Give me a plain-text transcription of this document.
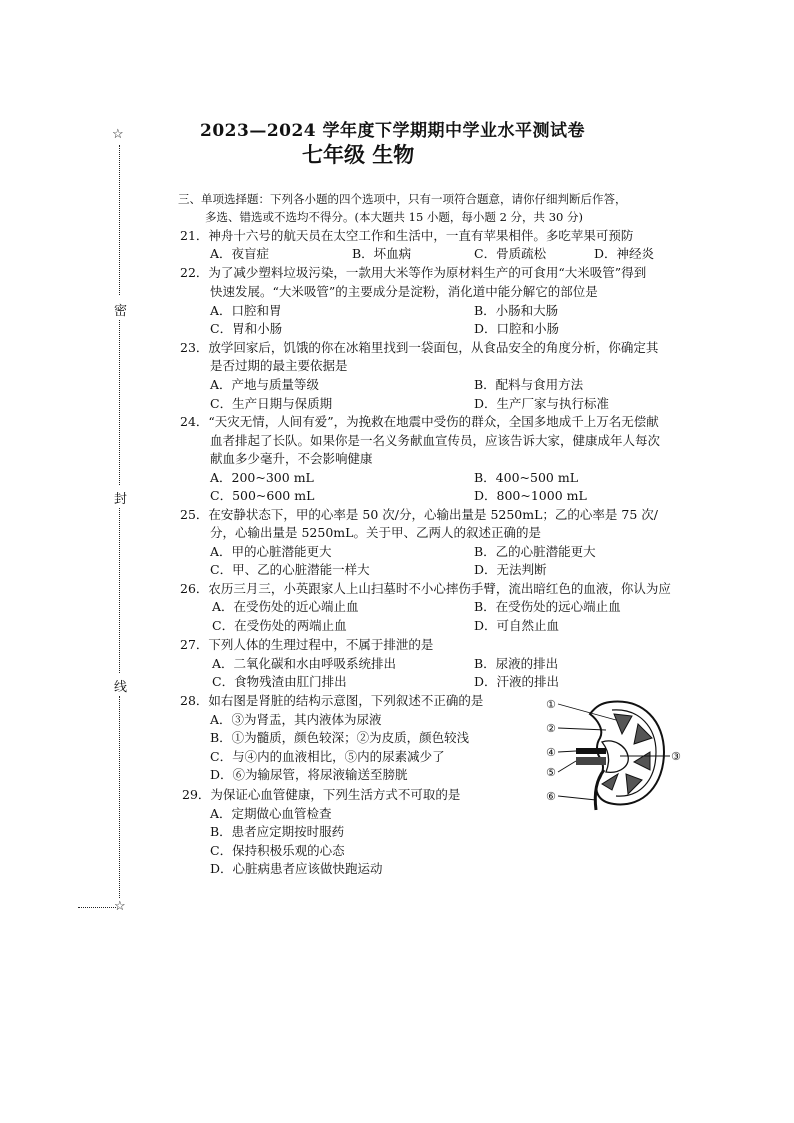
2023—2024 学年度下学期期中学业水平测试卷
七年级 生物
☆
密
封
线
☆
三、单项选择题：下列各小题的四个选项中，只有一项符合题意，请你仔细判断后作答，
多选、错选或不选均不得分。(本大题共 15 小题，每小题 2 分，共 30 分)
21．神舟十六号的航天员在太空工作和生活中，一直有苹果相伴。多吃苹果可预防
A．夜盲症	B．坏血病	C．骨质疏松	D．神经炎
22．为了减少塑料垃圾污染，一款用大米等作为原材料生产的可食用“大米吸管”得到
快速发展。“大米吸管”的主要成分是淀粉，消化道中能分解它的部位是
A．口腔和胃	B．小肠和大肠
C．胃和小肠	D．口腔和小肠
23．放学回家后，饥饿的你在冰箱里找到一袋面包，从食品安全的角度分析，你确定其
是否过期的最主要依据是
A．产地与质量等级	B．配料与食用方法
C．生产日期与保质期	D．生产厂家与执行标准
24．“天灾无情，人间有爱”，为挽救在地震中受伤的群众，全国多地成千上万名无偿献
血者排起了长队。如果你是一名义务献血宣传员，应该告诉大家，健康成年人每次
献血多少毫升，不会影响健康
A．200~300 mL	B．400~500 mL
C．500~600 mL	D．800~1000 mL
25．在安静状态下，甲的心率是 50 次/分，心输出量是 5250mL；乙的心率是 75 次/
分，心输出量是 5250mL。关于甲、乙两人的叙述正确的是
A．甲的心脏潜能更大	B．乙的心脏潜能更大
C．甲、乙的心脏潜能一样大	D．无法判断
26．农历三月三，小英跟家人上山扫墓时不小心摔伤手臂，流出暗红色的血液，你认为应
A．在受伤处的近心端止血	B．在受伤处的远心端止血
C．在受伤处的两端止血	D．可自然止血
27．下列人体的生理过程中，不属于排泄的是
A．二氧化碳和水由呼吸系统排出	B．尿液的排出
C．食物残渣由肛门排出	D．汗液的排出
28．如右图是肾脏的结构示意图，下列叙述不正确的是
A．③为肾盂，其内液体为尿液
B．①为髓质，颜色较深；②为皮质，颜色较浅
C．与④内的血液相比，⑤内的尿素减少了
D．⑥为输尿管，将尿液输送至膀胱
①
②
③
④
⑤
⑥
29．为保证心血管健康，下列生活方式不可取的是
A．定期做心血管检查
B．患者应定期按时服药
C．保持积极乐观的心态
D．心脏病患者应该做快跑运动
